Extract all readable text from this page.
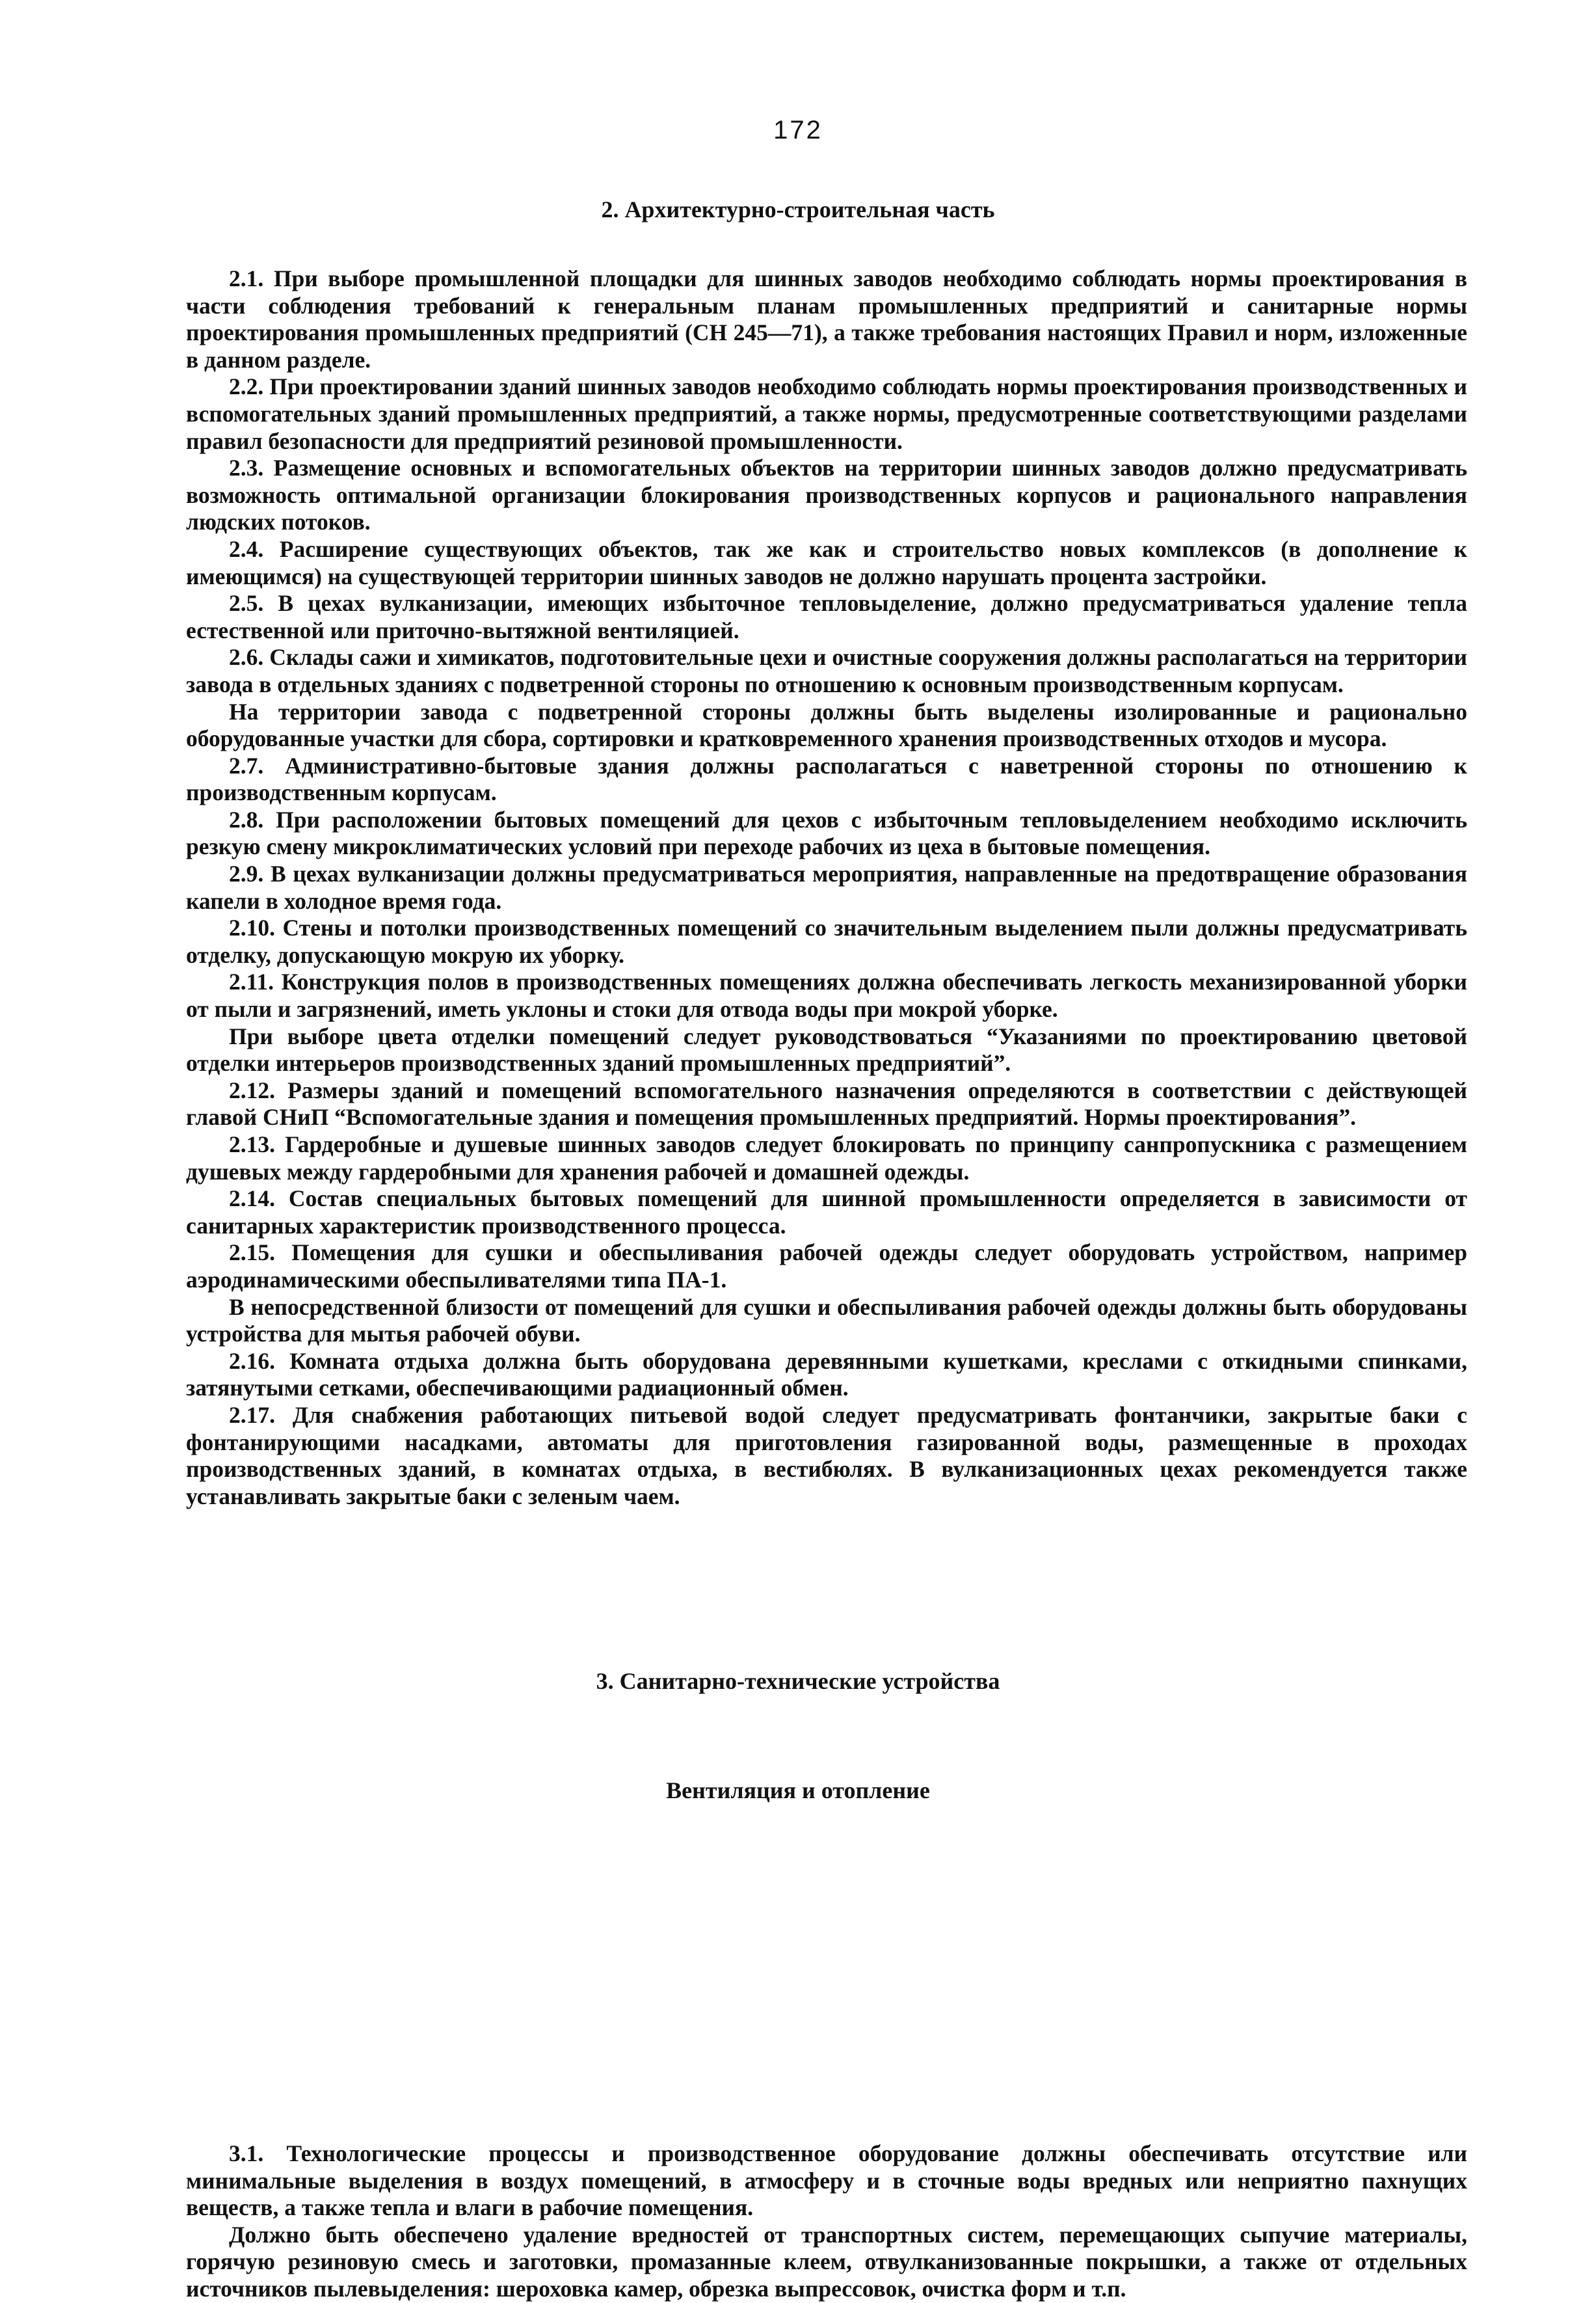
172
2. Архитектурно-строительная часть

2.1. При выборе промышленной площадки для шинных заводов необходимо соблюдать нормы проектирования в части соблюдения требований к генеральным планам промышленных предприятий и санитарные нормы проектирования промышленных предприятий (СН 245—71), а также требования настоящих Правил и норм, изложенные в данном разделе.

2.2. При проектировании зданий шинных заводов необходимо соблюдать нормы проектирования производственных и вспомогательных зданий промышленных предприятий, а также нормы, предусмотренные соответствующими разделами правил безопасности для предприятий резиновой промышленности.

2.3. Размещение основных и вспомогательных объектов на территории шинных заводов должно предусматривать возможность оптимальной организации блокирования производственных корпусов и рационального направления людских потоков.

2.4. Расширение существующих объектов, так же как и строительство новых комплексов (в дополнение к имеющимся) на существующей территории шинных заводов не должно нарушать процента застройки.

2.5. В цехах вулканизации, имеющих избыточное тепловыделение, должно предусматриваться удаление тепла естественной или приточно-вытяжной вентиляцией.

2.6. Склады сажи и химикатов, подготовительные цехи и очистные сооружения должны располагаться на территории завода в отдельных зданиях с подветренной стороны по отношению к основным производственным корпусам.

На территории завода с подветренной стороны должны быть выделены изолированные и рационально оборудованные участки для сбора, сортировки и кратковременного хранения производственных отходов и мусора.

2.7. Административно-бытовые здания должны располагаться с наветренной стороны по отношению к производственным корпусам.

2.8. При расположении бытовых помещений для цехов с избыточным тепловыделением необходимо исключить резкую смену микроклиматических условий при переходе рабочих из цеха в бытовые помещения.

2.9. В цехах вулканизации должны предусматриваться мероприятия, направленные на предотвращение образования капели в холодное время года.

2.10. Стены и потолки производственных помещений со значительным выделением пыли должны предусматривать отделку, допускающую мокрую их уборку.

2.11. Конструкция полов в производственных помещениях должна обеспечивать легкость механизированной уборки от пыли и загрязнений, иметь уклоны и стоки для отвода воды при мокрой уборке.

При выборе цвета отделки помещений следует руководствоваться “Указаниями по проектированию цветовой отделки интерьеров производственных зданий промышленных предприятий”.

2.12. Размеры зданий и помещений вспомогательного назначения определяются в соответствии с действующей главой СНиП “Вспомогательные здания и помещения промышленных предприятий. Нормы проектирования”.

2.13. Гардеробные и душевые шинных заводов следует блокировать по принципу санпропускника с размещением душевых между гардеробными для хранения рабочей и домашней одежды.

2.14. Состав специальных бытовых помещений для шинной промышленности определяется в зависимости от санитарных характеристик производственного процесса.

2.15. Помещения для сушки и обеспыливания рабочей одежды следует оборудовать устройством, например аэродинамическими обеспыливателями типа ПА-1.

В непосредственной близости от помещений для сушки и обеспыливания рабочей одежды должны быть оборудованы устройства для мытья рабочей обуви.

2.16. Комната отдыха должна быть оборудована деревянными кушетками, креслами с откидными спинками, затянутыми сетками, обеспечивающими радиационный обмен.

2.17. Для снабжения работающих питьевой водой следует предусматривать фонтанчики, закрытые баки с фонтанирующими насадками, автоматы для приготовления газированной воды, размещенные в проходах производственных зданий, в комнатах отдыха, в вестибюлях. В вулканизационных цехах рекомендуется также устанавливать закрытые баки с зеленым чаем.

3. Санитарно-технические устройства
Вентиляция и отопление

3.1. Технологические процессы и производственное оборудование должны обеспечивать отсутствие или минимальные выделения в воздух помещений, в атмосферу и в сточные воды вредных или неприятно пахнущих веществ, а также тепла и влаги в рабочие помещения.

Должно быть обеспечено удаление вредностей от транспортных систем, перемещающих сыпучие материалы, горячую резиновую смесь и заготовки, промазанные клеем, отвулканизованные покрышки, а также от отдельных источников пылевыделения: шероховка камер, обрезка выпрессовок, очистка форм и т.п.
